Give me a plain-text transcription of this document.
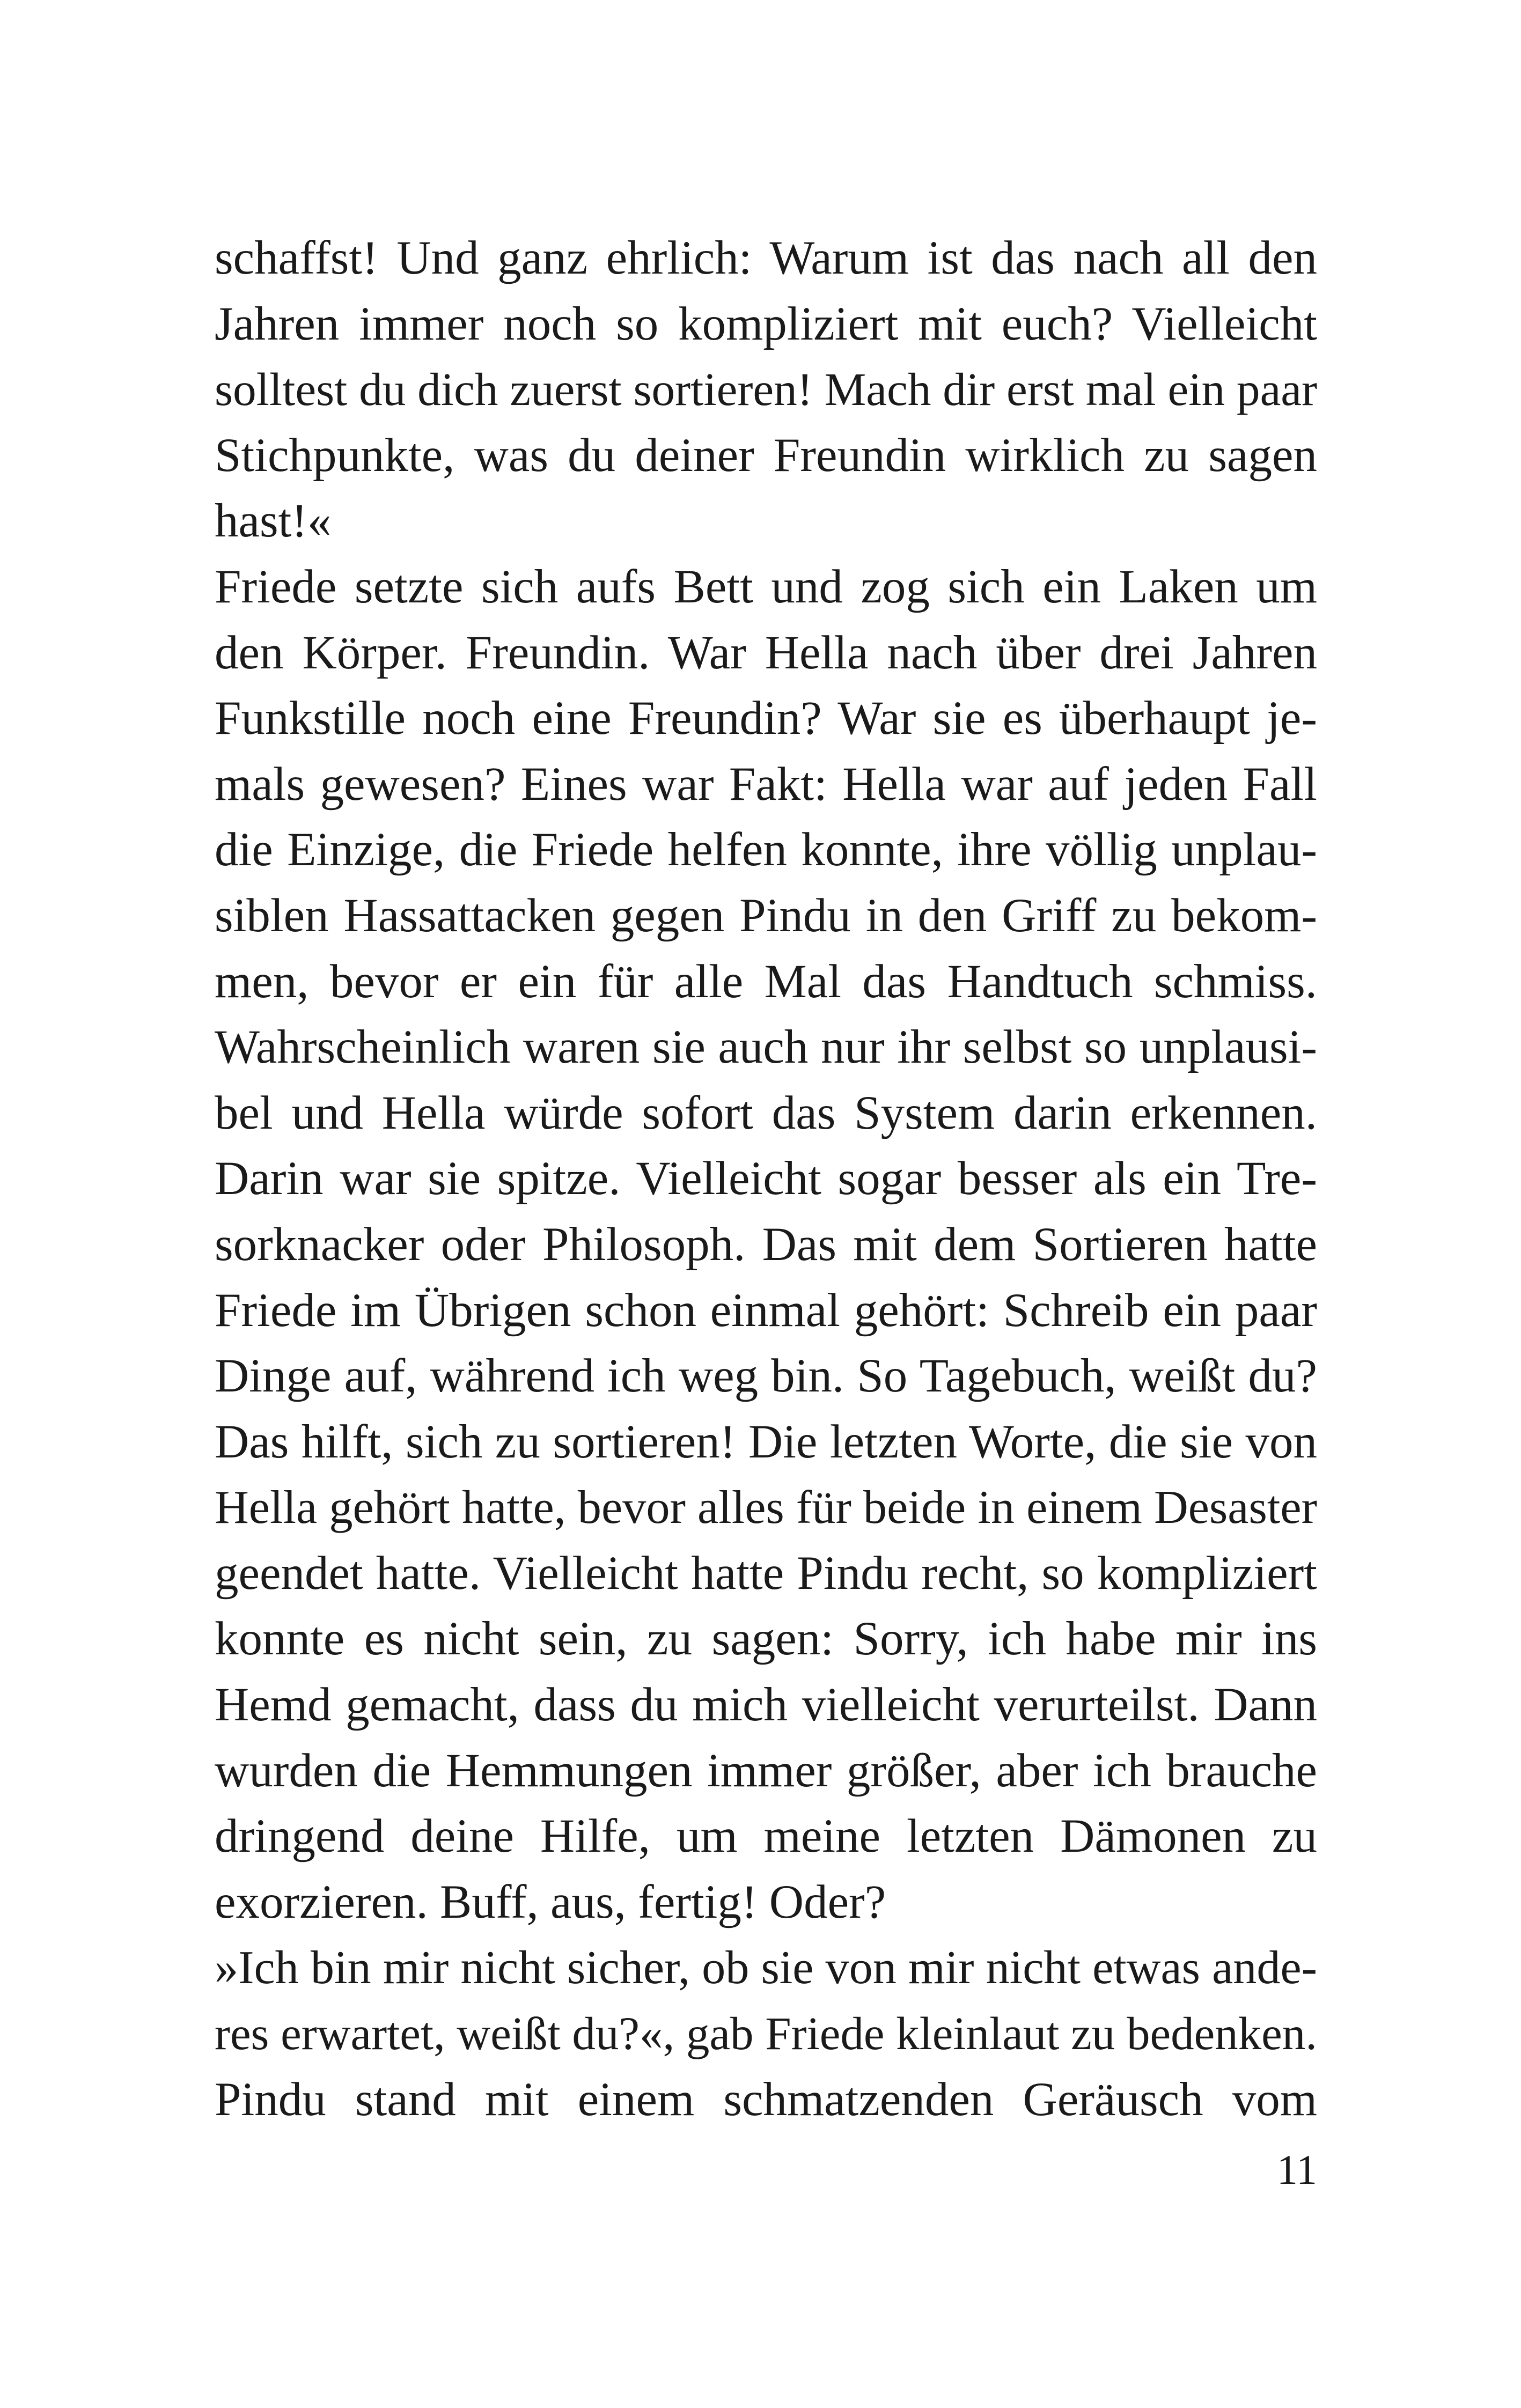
schaffst! Und ganz ehrlich: Warum ist das nach all den
Jahren immer noch so kompliziert mit euch? Vielleicht
solltest du dich zuerst sortieren! Mach dir erst mal ein paar
Stichpunkte, was du deiner Freundin wirklich zu sagen
hast!«
Friede setzte sich aufs Bett und zog sich ein Laken um
den Körper. Freundin. War Hella nach über drei Jahren
Funkstille noch eine Freundin? War sie es überhaupt je-
mals gewesen? Eines war Fakt: Hella war auf jeden Fall
die Einzige, die Friede helfen konnte, ihre völlig unplau-
siblen Hassattacken gegen Pindu in den Griff zu bekom-
men, bevor er ein für alle Mal das Handtuch schmiss.
Wahrscheinlich waren sie auch nur ihr selbst so unplausi-
bel und Hella würde sofort das System darin erkennen.
Darin war sie spitze. Vielleicht sogar besser als ein Tre-
sorknacker oder Philosoph. Das mit dem Sortieren hatte
Friede im Übrigen schon einmal gehört: Schreib ein paar
Dinge auf, während ich weg bin. So Tagebuch, weißt du?
Das hilft, sich zu sortieren! Die letzten Worte, die sie von
Hella gehört hatte, bevor alles für beide in einem Desaster
geendet hatte. Vielleicht hatte Pindu recht, so kompliziert
konnte es nicht sein, zu sagen: Sorry, ich habe mir ins
Hemd gemacht, dass du mich vielleicht verurteilst. Dann
wurden die Hemmungen immer größer, aber ich brauche
dringend deine Hilfe, um meine letzten Dämonen zu
exorzieren. Buff, aus, fertig! Oder?
»Ich bin mir nicht sicher, ob sie von mir nicht etwas ande-
res erwartet, weißt du?«, gab Friede kleinlaut zu bedenken.
Pindu stand mit einem schmatzenden Geräusch vom
11
